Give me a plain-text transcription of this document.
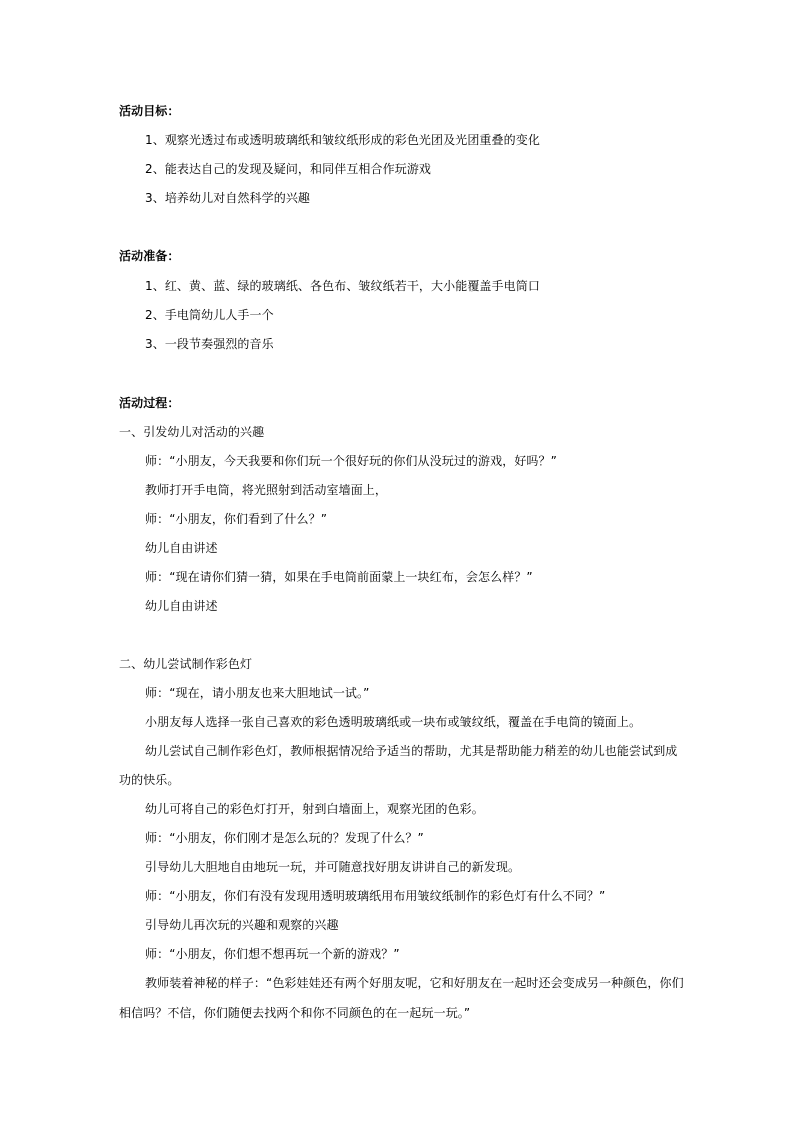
活动目标：
1、观察光透过布或透明玻璃纸和皱纹纸形成的彩色光团及光团重叠的变化
2、能表达自己的发现及疑问，和同伴互相合作玩游戏
3、培养幼儿对自然科学的兴趣
活动准备：
1、红、黄、蓝、绿的玻璃纸、各色布、皱纹纸若干，大小能覆盖手电筒口
2、手电筒幼儿人手一个
3、一段节奏强烈的音乐
活动过程：
一、引发幼儿对活动的兴趣
师：“小朋友，今天我要和你们玩一个很好玩的你们从没玩过的游戏，好吗？”
教师打开手电筒，将光照射到活动室墙面上，
师：“小朋友，你们看到了什么？”
幼儿自由讲述
师：“现在请你们猜一猜，如果在手电筒前面蒙上一块红布，会怎么样？”
幼儿自由讲述
二、幼儿尝试制作彩色灯
师：“现在，请小朋友也来大胆地试一试。”
小朋友每人选择一张自己喜欢的彩色透明玻璃纸或一块布或皱纹纸，覆盖在手电筒的镜面上。
幼儿尝试自己制作彩色灯，教师根据情况给予适当的帮助，尤其是帮助能力稍差的幼儿也能尝试到成
功的快乐。
幼儿可将自己的彩色灯打开，射到白墙面上，观察光团的色彩。
师：“小朋友，你们刚才是怎么玩的？发现了什么？”
引导幼儿大胆地自由地玩一玩，并可随意找好朋友讲讲自己的新发现。
师：“小朋友，你们有没有发现用透明玻璃纸用布用皱纹纸制作的彩色灯有什么不同？”
引导幼儿再次玩的兴趣和观察的兴趣
师：“小朋友，你们想不想再玩一个新的游戏？”
教师装着神秘的样子：“色彩娃娃还有两个好朋友呢，它和好朋友在一起时还会变成另一种颜色，你们
相信吗？不信，你们随便去找两个和你不同颜色的在一起玩一玩。”
